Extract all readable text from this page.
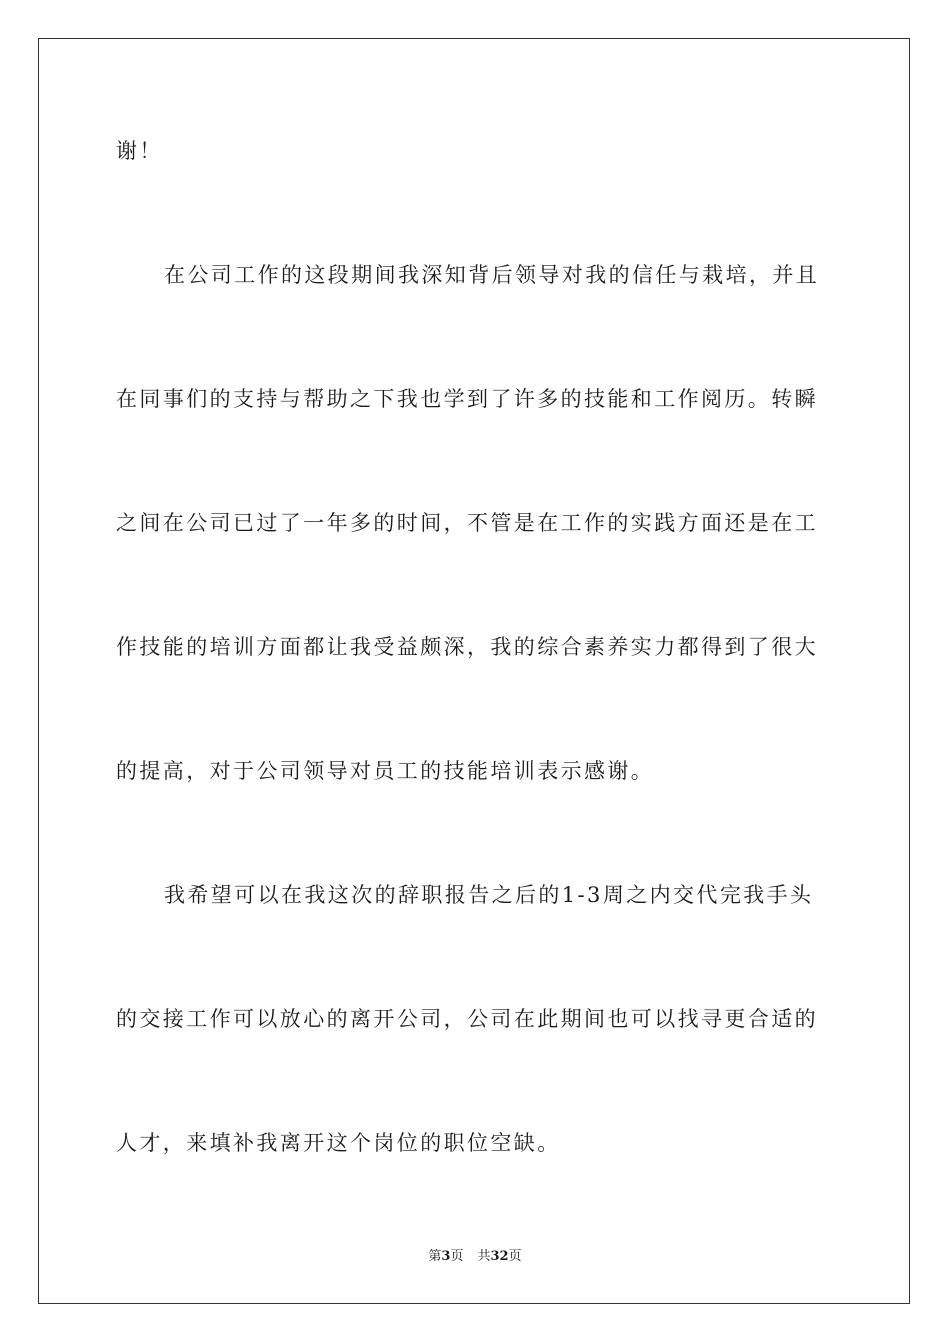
谢！
在公司工作的这段期间我深知背后领导对我的信任与栽培，并且
在同事们的支持与帮助之下我也学到了许多的技能和工作阅历。转瞬
之间在公司已过了一年多的时间，不管是在工作的实践方面还是在工
作技能的培训方面都让我受益颇深，我的综合素养实力都得到了很大
的提高，对于公司领导对员工的技能培训表示感谢。
我希望可以在我这次的辞职报告之后的1-3周之内交代完我手头
的交接工作可以放心的离开公司，公司在此期间也可以找寻更合适的
人才，来填补我离开这个岗位的职位空缺。
第3页 共32页
